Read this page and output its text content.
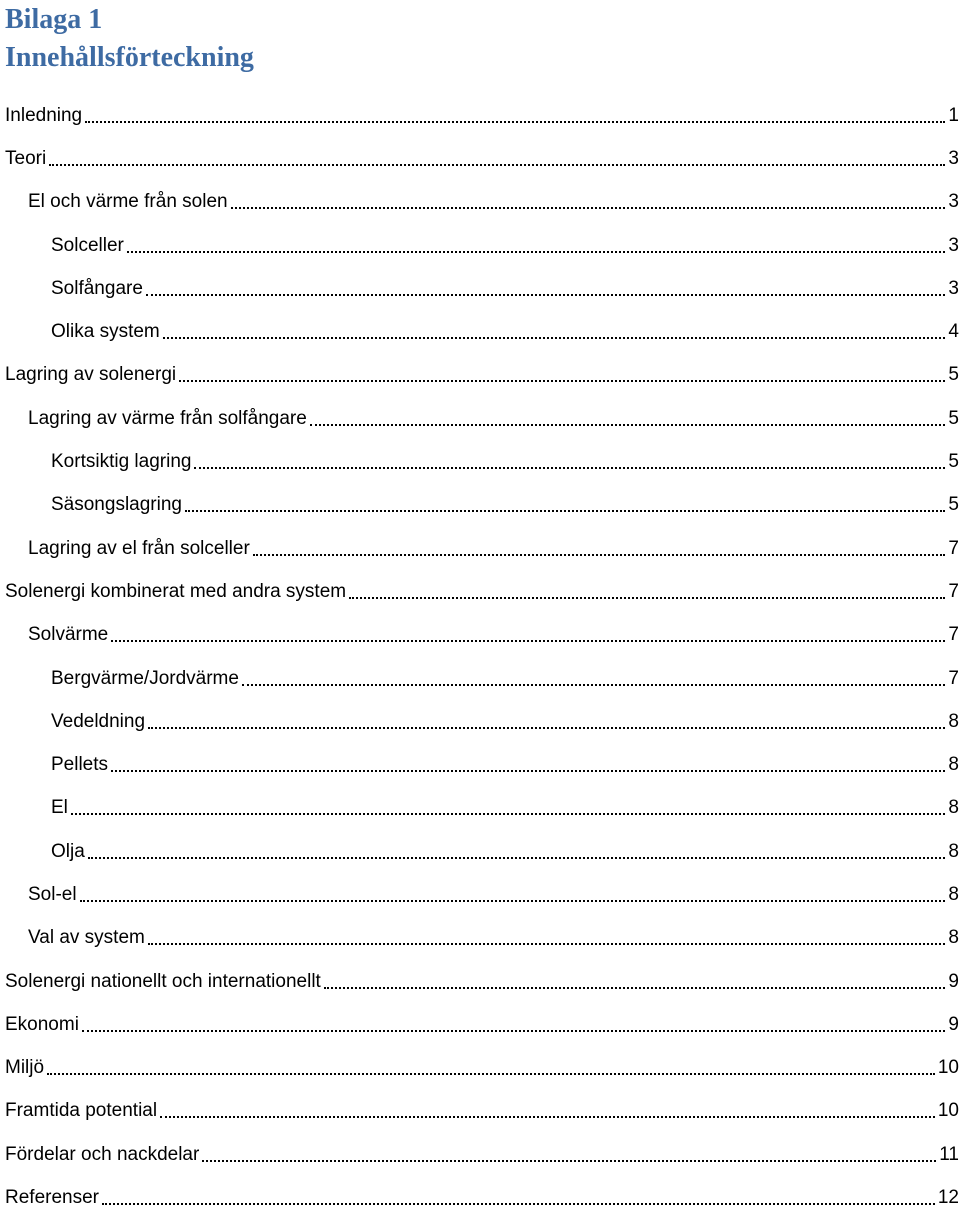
Bilaga 1
Innehållsförteckning
Inledning	1
Teori	3
El och värme från solen	3
Solceller	3
Solfångare	3
Olika system	4
Lagring av solenergi	5
Lagring av värme från solfångare	5
Kortsiktig lagring	5
Säsongslagring	5
Lagring av el från solceller	7
Solenergi kombinerat med andra system	7
Solvärme	7
Bergvärme/Jordvärme	7
Vedeldning	8
Pellets	8
El	8
Olja	8
Sol-el	8
Val av system	8
Solenergi nationellt och internationellt	9
Ekonomi	9
Miljö	10
Framtida potential	10
Fördelar och nackdelar	11
Referenser	12
